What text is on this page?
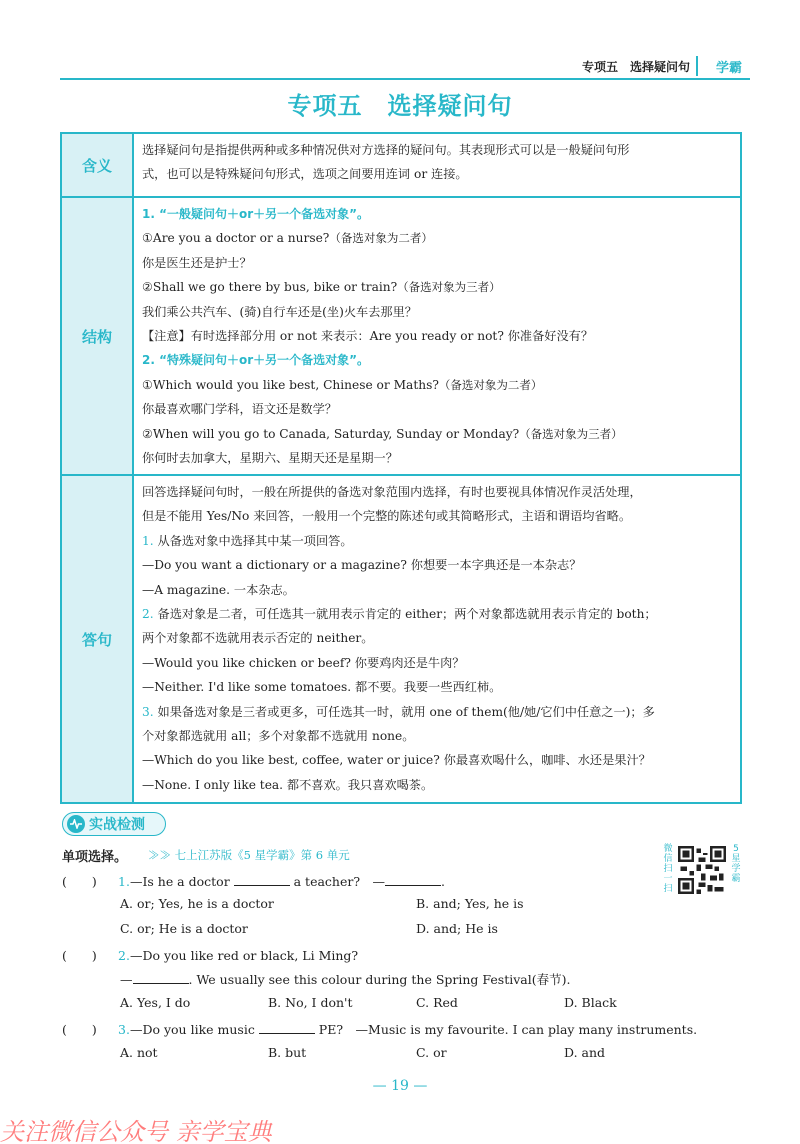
专项五　选择疑问句 学霸
专项五　选择疑问句
含义
选择疑问句是指提供两种或多种情况供对方选择的疑问句。其表现形式可以是一般疑问句形
式，也可以是特殊疑问句形式，选项之间要用连词 or 连接。
结构
1. “一般疑问句＋or＋另一个备选对象”。
①Are you a doctor or a nurse?（备选对象为二者）
你是医生还是护士？
②Shall we go there by bus, bike or train?（备选对象为三者）
我们乘公共汽车、(骑)自行车还是(坐)火车去那里？
【注意】有时选择部分用 or not 来表示：Are you ready or not? 你准备好没有？
2. “特殊疑问句＋or＋另一个备选对象”。
①Which would you like best, Chinese or Maths?（备选对象为二者）
你最喜欢哪门学科，语文还是数学？
②When will you go to Canada, Saturday, Sunday or Monday?（备选对象为三者）
你何时去加拿大，星期六、星期天还是星期一？
答句
回答选择疑问句时，一般在所提供的备选对象范围内选择，有时也要视具体情况作灵活处理，
但是不能用 Yes/No 来回答，一般用一个完整的陈述句或其简略形式，主语和谓语均省略。
1. 从备选对象中选择其中某一项回答。
—Do you want a dictionary or a magazine? 你想要一本字典还是一本杂志？
—A magazine. 一本杂志。
2. 备选对象是二者，可任选其一就用表示肯定的 either；两个对象都选就用表示肯定的 both；
两个对象都不选就用表示否定的 neither。
—Would you like chicken or beef? 你要鸡肉还是牛肉？
—Neither. I'd like some tomatoes. 都不要。我要一些西红柿。
3. 如果备选对象是三者或更多，可任选其一时，就用 one of them(他/她/它们中任意之一)；多
个对象都选就用 all；多个对象都不选就用 none。
—Which do you like best, coffee, water or juice? 你最喜欢喝什么，咖啡、水还是果汁？
—None. I only like tea. 都不喜欢。我只喜欢喝茶。
实战检测
单项选择。 ≫≫ 七上江苏版《5 星学霸》第 6 单元	微信扫一扫
5星学霸
(　　) 1.—Is he a doctor	a teacher?　—	.
A. or; Yes, he is a doctor	B. and; Yes, he is
C. or; He is a doctor	D. and; He is
(　　) 2.—Do you like red or black, Li Ming?
—	. We usually see this colour during the Spring Festival(春节).
A. Yes, I do	B. No, I don't	C. Red	D. Black
(　　) 3.—Do you like music	PE?　—Music is my favourite. I can play many instruments.
A. not	B. but	C. or	D. and
— 19 —
关注微信公众号 亲学宝典
